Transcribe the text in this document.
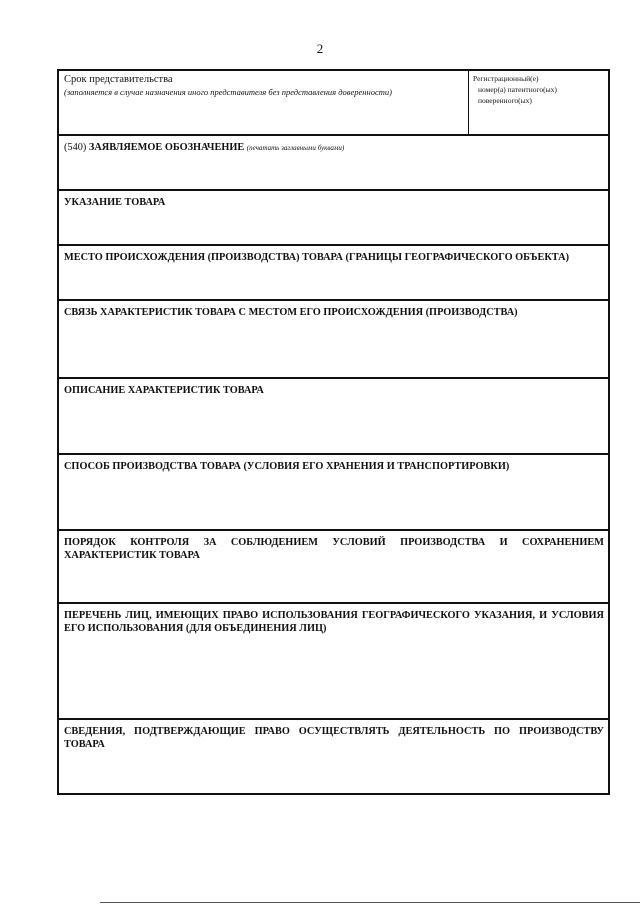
2
Срок представительства
(заполняется в случае назначения иного представителя без представления доверенности)
Регистрационный(е)
номер(а) патентного(ых)
поверенного(ых)
(540) ЗАЯВЛЯЕМОЕ ОБОЗНАЧЕНИЕ (печатать заглавными буквами)
УКАЗАНИЕ ТОВАРА
МЕСТО ПРОИСХОЖДЕНИЯ (ПРОИЗВОДСТВА) ТОВАРА (ГРАНИЦЫ ГЕОГРАФИЧЕСКОГО ОБЪЕКТА)
СВЯЗЬ ХАРАКТЕРИСТИК ТОВАРА С МЕСТОМ ЕГО ПРОИСХОЖДЕНИЯ (ПРОИЗВОДСТВА)
ОПИСАНИЕ ХАРАКТЕРИСТИК ТОВАРА
СПОСОБ ПРОИЗВОДСТВА ТОВАРА (УСЛОВИЯ ЕГО ХРАНЕНИЯ И ТРАНСПОРТИРОВКИ)
ПОРЯДОК КОНТРОЛЯ ЗА СОБЛЮДЕНИЕМ УСЛОВИЙ ПРОИЗВОДСТВА И СОХРАНЕНИЕМ ХАРАКТЕРИСТИК ТОВАРА
ПЕРЕЧЕНЬ ЛИЦ, ИМЕЮЩИХ ПРАВО ИСПОЛЬЗОВАНИЯ ГЕОГРАФИЧЕСКОГО УКАЗАНИЯ, И УСЛОВИЯ ЕГО ИСПОЛЬЗОВАНИЯ (ДЛЯ ОБЪЕДИНЕНИЯ ЛИЦ)
СВЕДЕНИЯ, ПОДТВЕРЖДАЮЩИЕ ПРАВО ОСУЩЕСТВЛЯТЬ ДЕЯТЕЛЬНОСТЬ ПО ПРОИЗВОДСТВУ ТОВАРА
